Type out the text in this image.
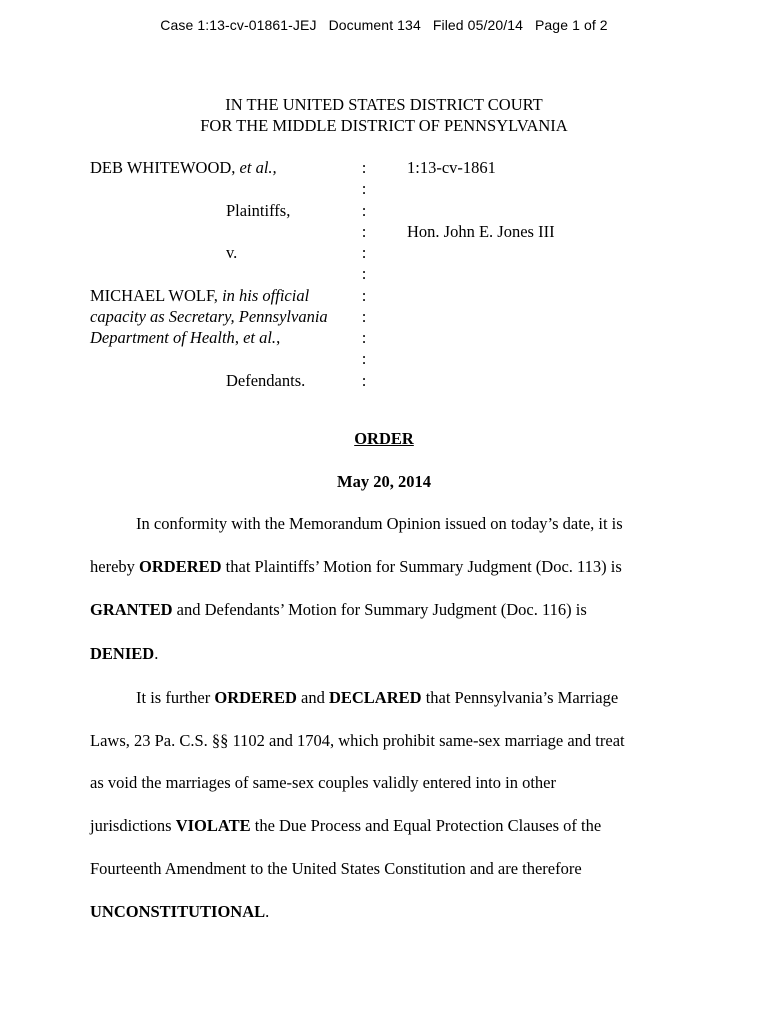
Case 1:13-cv-01861-JEJ Document 134 Filed 05/20/14 Page 1 of 2
IN THE UNITED STATES DISTRICT COURT
FOR THE MIDDLE DISTRICT OF PENNSYLVANIA
DEB WHITEWOOD, et al.,
Plaintiffs,
v.
MICHAEL WOLF, in his official
capacity as Secretary, Pennsylvania
Department of Health, et al.,
Defendants.
:
:
:
:
:
:
:
:
:
:
:
1:13-cv-1861
Hon. John E. Jones III
ORDER
May 20, 2014
In conformity with the Memorandum Opinion issued on today’s date, it is
hereby ORDERED that Plaintiffs’ Motion for Summary Judgment (Doc. 113) is
GRANTED and Defendants’ Motion for Summary Judgment (Doc. 116) is
DENIED.
It is further ORDERED and DECLARED that Pennsylvania’s Marriage
Laws, 23 Pa. C.S. §§ 1102 and 1704, which prohibit same-sex marriage and treat
as void the marriages of same-sex couples validly entered into in other
jurisdictions VIOLATE the Due Process and Equal Protection Clauses of the
Fourteenth Amendment to the United States Constitution and are therefore
UNCONSTITUTIONAL.
